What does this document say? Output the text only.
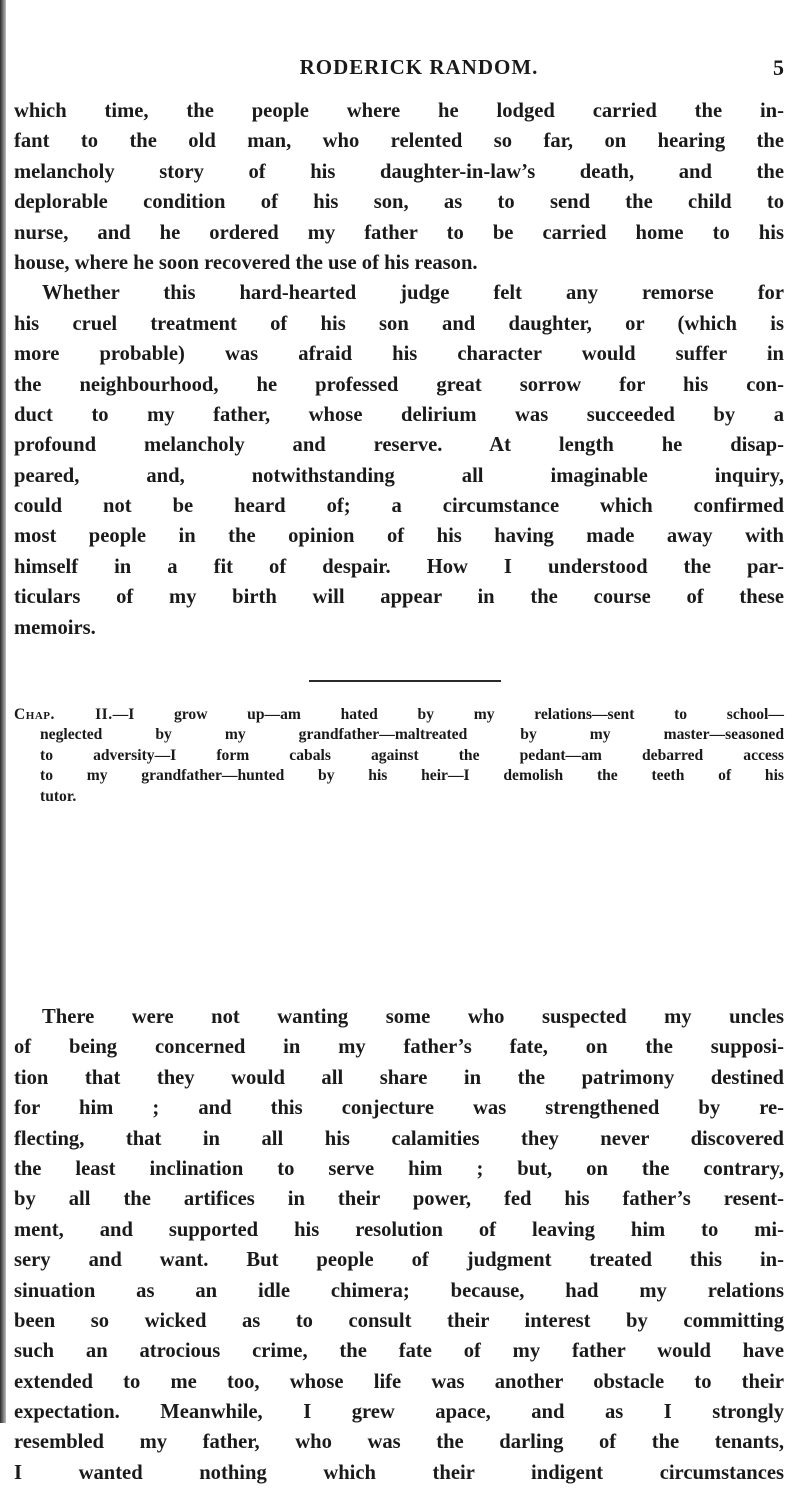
RODERICK RANDOM.	5
which time, the people where he lodged carried the in-
fant to the old man, who relented so far, on hearing the
melancholy story of his daughter-in-law’s death, and the
deplorable condition of his son, as to send the child to
nurse, and he ordered my father to be carried home to his
house, where he soon recovered the use of his reason.
Whether this hard-hearted judge felt any remorse for
his cruel treatment of his son and daughter, or (which is
more probable) was afraid his character would suffer in
the neighbourhood, he professed great sorrow for his con-
duct to my father, whose delirium was succeeded by a
profound melancholy and reserve. At length he disap-
peared, and, notwithstanding all imaginable inquiry,
could not be heard of; a circumstance which confirmed
most people in the opinion of his having made away with
himself in a fit of despair. How I understood the par-
ticulars of my birth will appear in the course of these
memoirs.
Chap. II.—I grow up—am hated by my relations—sent to school—
neglected by my grandfather—maltreated by my master—seasoned
to adversity—I form cabals against the pedant—am debarred access
to my grandfather—hunted by his heir—I demolish the teeth of his
tutor.
There were not wanting some who suspected my uncles
of being concerned in my father’s fate, on the supposi-
tion that they would all share in the patrimony destined
for him ; and this conjecture was strengthened by re-
flecting, that in all his calamities they never discovered
the least inclination to serve him ; but, on the contrary,
by all the artifices in their power, fed his father’s resent-
ment, and supported his resolution of leaving him to mi-
sery and want. But people of judgment treated this in-
sinuation as an idle chimera; because, had my relations
been so wicked as to consult their interest by committing
such an atrocious crime, the fate of my father would have
extended to me too, whose life was another obstacle to their
expectation. Meanwhile, I grew apace, and as I strongly
resembled my father, who was the darling of the tenants,
I wanted nothing which their indigent circumstances
